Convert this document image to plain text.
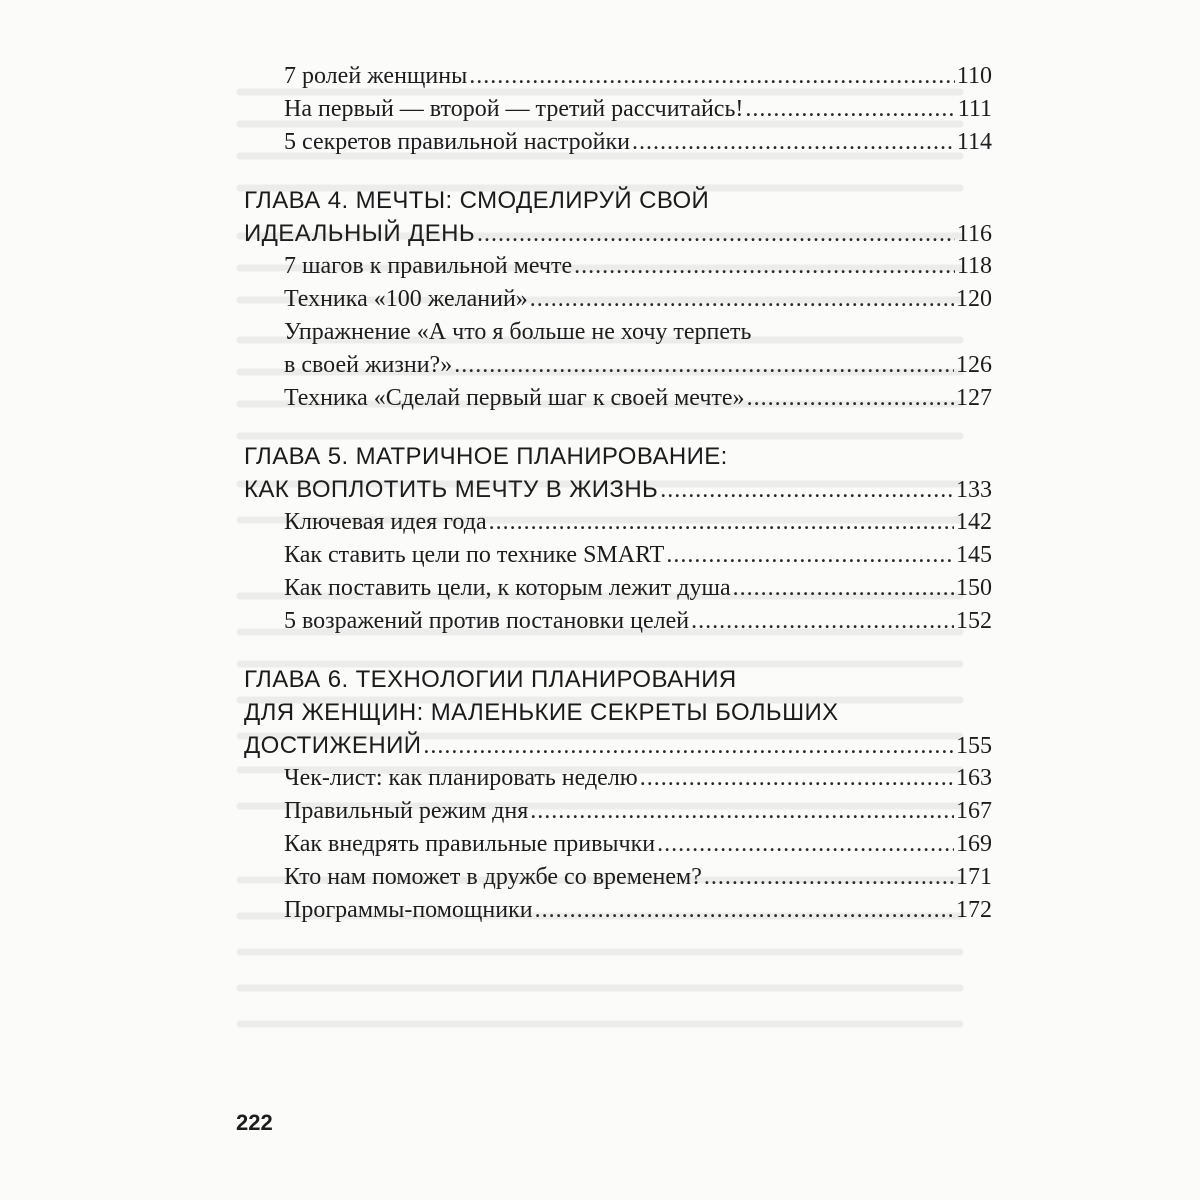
7 ролей женщины .....	110
На первый — второй — третий рассчитайсь! .....	111
5 секретов правильной настройки .....	114
ГЛАВА 4. МЕЧТЫ: СМОДЕЛИРУЙ СВОЙ
ИДЕАЛЬНЫЙ ДЕНЬ .....	116
7 шагов к правильной мечте .....	118
Техника «100 желаний» .....	120
Упражнение «А что я больше не хочу терпеть
в своей жизни?» .....	126
Техника «Сделай первый шаг к своей мечте» .....	127
ГЛАВА 5. МАТРИЧНОЕ ПЛАНИРОВАНИЕ:
КАК ВОПЛОТИТЬ МЕЧТУ В ЖИЗНЬ .....	133
Ключевая идея года .....	142
Как ставить цели по технике SMART .....	145
Как поставить цели, к которым лежит душа .....	150
5 возражений против постановки целей .....	152
ГЛАВА 6. ТЕХНОЛОГИИ ПЛАНИРОВАНИЯ
ДЛЯ ЖЕНЩИН: МАЛЕНЬКИЕ СЕКРЕТЫ БОЛЬШИХ
ДОСТИЖЕНИЙ .....	155
Чек-лист: как планировать неделю .....	163
Правильный режим дня .....	167
Как внедрять правильные привычки .....	169
Кто нам поможет в дружбе со временем? .....	171
Программы-помощники .....	172
222
